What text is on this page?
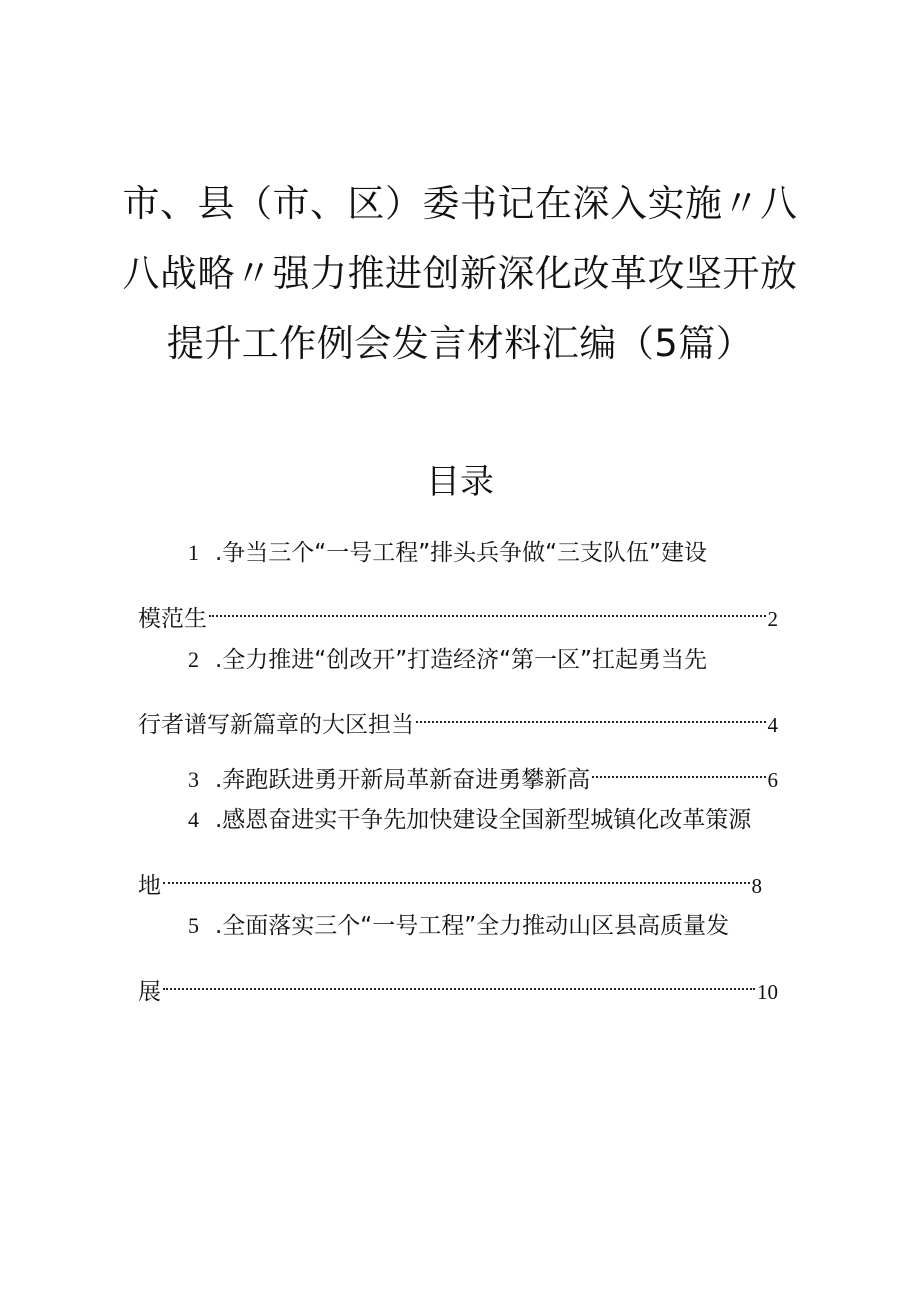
市、县（市、区）委书记在深入实施〃八
八战略〃强力推进创新深化改革攻坚开放
提升工作例会发言材料汇编（5篇）
目录
1 .争当三个“一号工程”排头兵争做“三支队伍”建设
模范生	2
2 .全力推进“创改开”打造经济“第一区”扛起勇当先
行者谱写新篇章的大区担当	4
3 .奔跑跃进勇开新局革新奋进勇攀新高	6
4 .感恩奋进实干争先加快建设全国新型城镇化改革策源
地	8
5 .全面落实三个“一号工程”全力推动山区县高质量发
展	10
